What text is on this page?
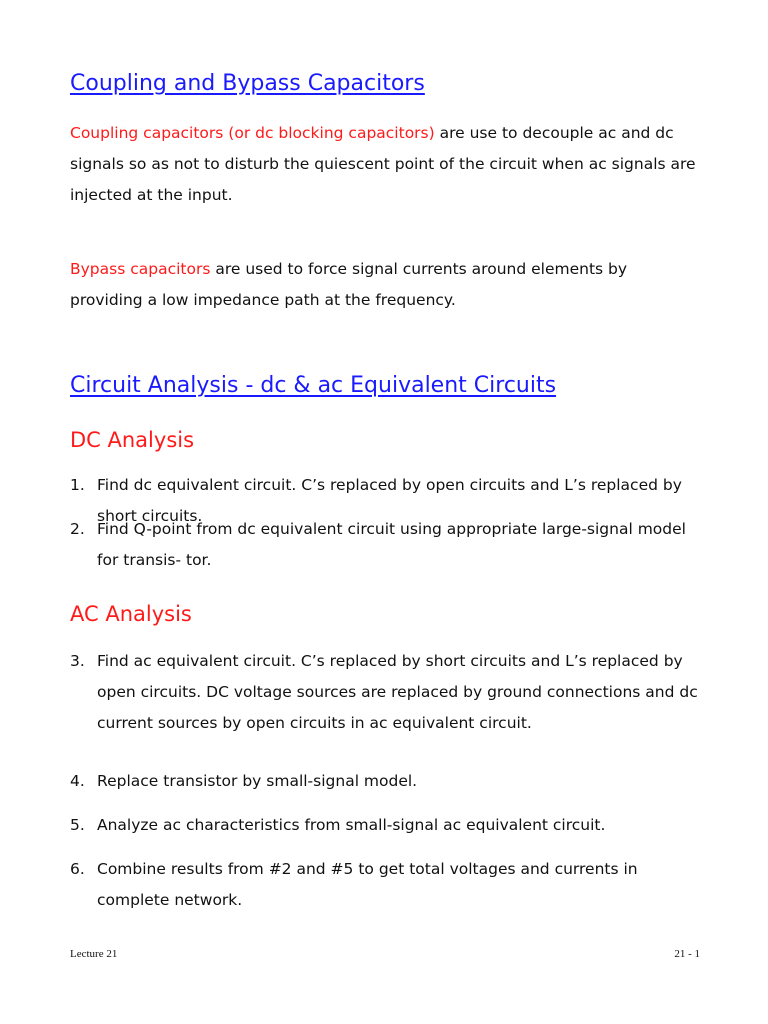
Coupling and Bypass Capacitors
Coupling capacitors (or dc blocking capacitors) are use to decouple ac and dc signals so as not to disturb the quiescent point of the circuit when ac signals are injected at the input.
Bypass capacitors are used to force signal currents around elements by providing a low impedance path at the frequency.
Circuit Analysis - dc & ac Equivalent Circuits
DC Analysis
1. Find dc equivalent circuit. C’s replaced by open circuits and L’s replaced by short circuits.
2. Find Q-point from dc equivalent circuit using appropriate large-signal model for transis- tor.
AC Analysis
3. Find ac equivalent circuit. C’s replaced by short circuits and L’s replaced by open circuits. DC voltage sources are replaced by ground connections and dc current sources by open circuits in ac equivalent circuit.
4. Replace transistor by small-signal model.
5. Analyze ac characteristics from small-signal ac equivalent circuit.
6. Combine results from #2 and #5 to get total voltages and currents in complete network.
Lecture 21	21 - 1
